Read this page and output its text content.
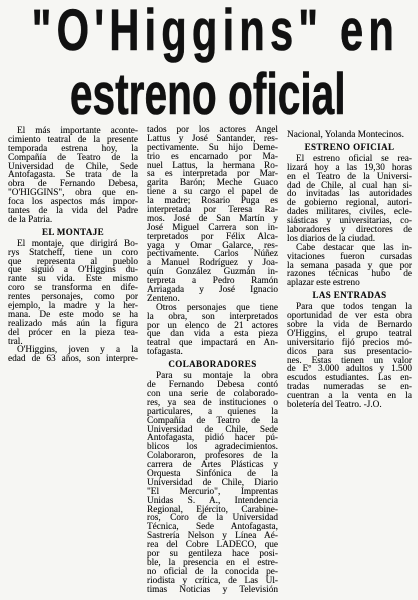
"O'Higgins" en
estreno oficial
El más importante aconte-
cimiento teatral de la presente
temporada estrena hoy, la
Compañía de Teatro de la
Universidad de Chile, Sede
Antofagasta. Se trata de la
obra de Fernando Debesa,
"O'HIGGINS", obra que en-
foca los aspectos más impor-
tantes de la vida del Padre
de la Patria.
EL MONTAJE
El montaje, que dirigirá Bo-
rys Statcheff, tiene un coro
que representa al pueblo
que siguió a O'Higgins du-
rante su vida. Este mismo
coro se transforma en dife-
rentes personajes, como por
ejemplo, la madre y la her-
mana. De este modo se ha
realizado más aún la figura
del prócer en la pieza tea-
tral.
O'Higgins, joven y a la
edad de 63 años, son interpre-
tados por los actores Angel
Lattus y José Santander, res-
pectivamente. Su hijo Deme-
trio es encarnado por Ma-
nuel Lattus, la hermana Ro-
sa es interpretada por Mar-
garita Barón; Meche Guaco
tiene a su cargo el papel de
la madre; Rosario Puga es
interpretada por Teresa Ra-
mos. José de San Martín y
José Miguel Carrera son in-
terpretados por Félix Alca-
yaga y Omar Galarce, res-
pectivamente. Carlos Núñez
a Manuel Rodríguez y Joa-
quín González Guzmán in-
terpreta a Pedro Ramón
Arriagada y José Ignacio
Zenteno.
Otros personajes que tiene
la obra, son interpretados
por un elenco de 21 actores
que dan vida a esta pieza
teatral que impactará en An-
tofagasta.
COLABORADORES
Para su montaje la obra
de Fernando Debesa contó
con una serie de colaborado-
res, ya sea de instituciones o
particulares, a quienes la
Compañía de Teatro de la
Universidad de Chile, Sede
Antofagasta, pidió hacer pú-
blicos los agradecimientos.
Colaboraron, profesores de la
carrera de Artes Plásticas y
Orquesta Sinfónica de la
Universidad de Chile, Diario
"El Mercurio", Imprentas
Unidas S. A., Intendencia
Regional, Ejército, Carabine-
ros, Coro de la Universidad
Técnica, Sede Antofagasta,
Sastrería Nelson y Línea Aé-
rea del Cobre LADECO, que
por su gentileza hace posi-
ble, la presencia en el estre-
no oficial de la conocida pe-
riodista y crítica, de Las Ul-
timas Noticias y Televisión
Nacional, Yolanda Montecinos.
ESTRENO OFICIAL
El estreno oficial se rea-
lizará hoy a las 19,30 horas
en el Teatro de la Universi-
dad de Chile, al cual han si-
do invitadas las autoridades
de gobierno regional, autori-
dades militares, civiles, ecle-
siásticas y universitarias, co-
laboradores y directores de
los diarios de la ciudad.
Cabe destacar que las in-
vitaciones fueron cursadas
la semana pasada y que por
razones técnicas hubo de
aplazar este estreno
LAS ENTRADAS
Para que todos tengan la
oportunidad de ver esta obra
sobre la vida de Bernardo
O'Higgins, el grupo teatral
universitario fijó precios mó-
dicos para sus presentacio-
nes. Estas tienen un valor
de Eº 3.000 adultos y 1.500
escudos estudiantes. Las en-
tradas numeradas se en-
cuentran a la venta en la
boletería del Teatro. -J.O.
